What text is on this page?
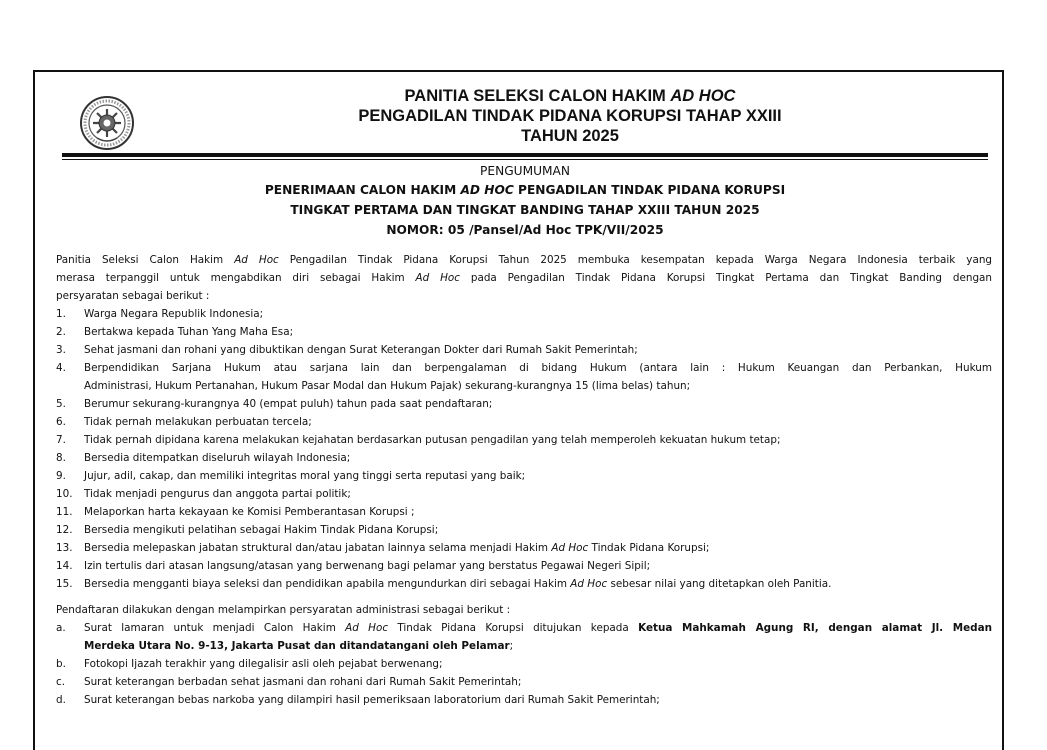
PANITIA SELEKSI CALON HAKIM AD HOC
PENGADILAN TINDAK PIDANA KORUPSI TAHAP XXIII
TAHUN 2025
PENGUMUMAN
PENERIMAAN CALON HAKIM AD HOC PENGADILAN TINDAK PIDANA KORUPSI
TINGKAT PERTAMA DAN TINGKAT BANDING TAHAP XXIII TAHUN 2025
NOMOR: 05 /Pansel/Ad Hoc TPK/VII/2025
Panitia Seleksi Calon Hakim Ad Hoc Pengadilan Tindak Pidana Korupsi Tahun 2025 membuka kesempatan kepada Warga Negara Indonesia terbaik yang
merasa terpanggil untuk mengabdikan diri sebagai Hakim Ad Hoc pada Pengadilan Tindak Pidana Korupsi Tingkat Pertama dan Tingkat Banding dengan
persyaratan sebagai berikut :
1. Warga Negara Republik Indonesia;
2. Bertakwa kepada Tuhan Yang Maha Esa;
3. Sehat jasmani dan rohani yang dibuktikan dengan Surat Keterangan Dokter dari Rumah Sakit Pemerintah;
4. Berpendidikan Sarjana Hukum atau sarjana lain dan berpengalaman di bidang Hukum (antara lain : Hukum Keuangan dan Perbankan, Hukum
Administrasi, Hukum Pertanahan, Hukum Pasar Modal dan Hukum Pajak) sekurang-kurangnya 15 (lima belas) tahun;
5. Berumur sekurang-kurangnya 40 (empat puluh) tahun pada saat pendaftaran;
6. Tidak pernah melakukan perbuatan tercela;
7. Tidak pernah dipidana karena melakukan kejahatan berdasarkan putusan pengadilan yang telah memperoleh kekuatan hukum tetap;
8. Bersedia ditempatkan diseluruh wilayah Indonesia;
9. Jujur, adil, cakap, dan memiliki integritas moral yang tinggi serta reputasi yang baik;
10. Tidak menjadi pengurus dan anggota partai politik;
11. Melaporkan harta kekayaan ke Komisi Pemberantasan Korupsi ;
12. Bersedia mengikuti pelatihan sebagai Hakim Tindak Pidana Korupsi;
13. Bersedia melepaskan jabatan struktural dan/atau jabatan lainnya selama menjadi Hakim Ad Hoc Tindak Pidana Korupsi;
14. Izin tertulis dari atasan langsung/atasan yang berwenang bagi pelamar yang berstatus Pegawai Negeri Sipil;
15. Bersedia mengganti biaya seleksi dan pendidikan apabila mengundurkan diri sebagai Hakim Ad Hoc sebesar nilai yang ditetapkan oleh Panitia.
Pendaftaran dilakukan dengan melampirkan persyaratan administrasi sebagai berikut :
a. Surat lamaran untuk menjadi Calon Hakim Ad Hoc Tindak Pidana Korupsi ditujukan kepada Ketua Mahkamah Agung RI, dengan alamat Jl. Medan
Merdeka Utara No. 9-13, Jakarta Pusat dan ditandatangani oleh Pelamar;
b. Fotokopi Ijazah terakhir yang dilegalisir asli oleh pejabat berwenang;
c. Surat keterangan berbadan sehat jasmani dan rohani dari Rumah Sakit Pemerintah;
d. Surat keterangan bebas narkoba yang dilampiri hasil pemeriksaan laboratorium dari Rumah Sakit Pemerintah;
